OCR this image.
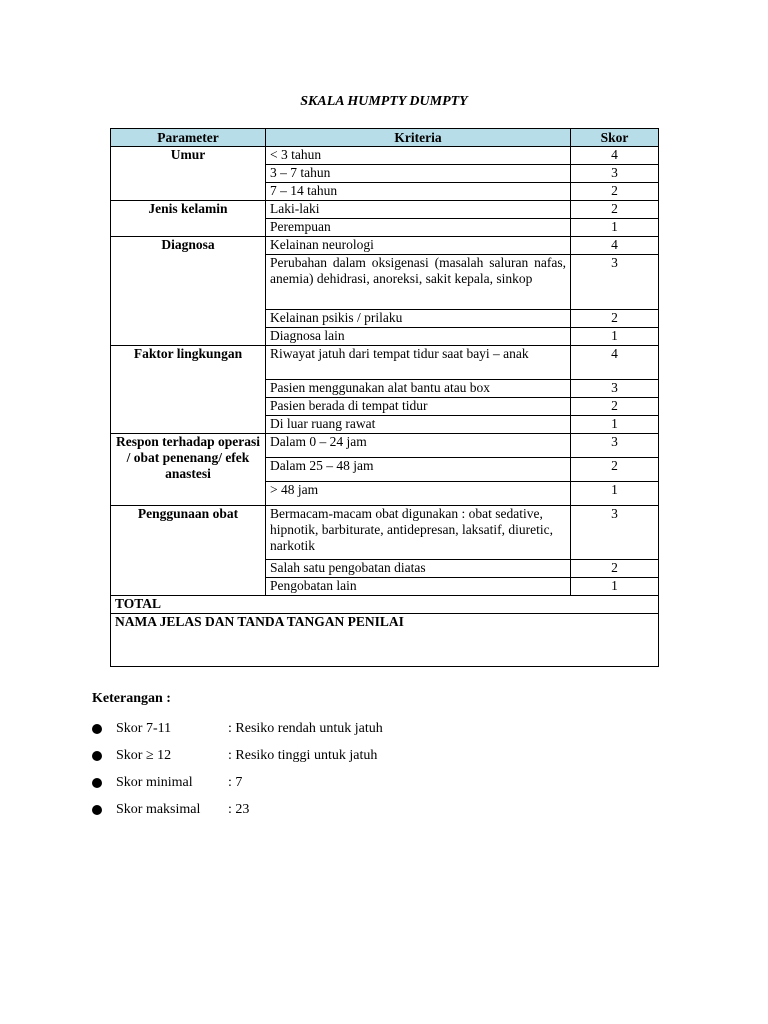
SKALA HUMPTY DUMPTY
Parameter	Kriteria	Skor
Umur	< 3 tahun	4
	3 – 7 tahun	3
	7 – 14 tahun	2
Jenis kelamin	Laki-laki	2
	Perempuan	1
Diagnosa	Kelainan neurologi	4
	Perubahan dalam oksigenasi (masalah saluran nafas, anemia) dehidrasi, anoreksi, sakit kepala, sinkop	3
	Kelainan psikis / prilaku	2
	Diagnosa lain	1
Faktor lingkungan	Riwayat jatuh dari tempat tidur saat bayi – anak	4
	Pasien menggunakan alat bantu atau box	3
	Pasien berada di tempat tidur	2
	Di luar ruang rawat	1
Respon terhadap operasi / obat penenang/ efek anastesi	Dalam 0 – 24 jam	3
	Dalam 25 – 48 jam	2
	> 48 jam	1
Penggunaan obat	Bermacam-macam obat digunakan : obat sedative, hipnotik, barbiturate, antidepresan, laksatif, diuretic, narkotik	3
	Salah satu pengobatan diatas	2
	Pengobatan lain	1
TOTAL		
NAMA JELAS DAN TANDA TANGAN PENILAI		
Keterangan :
Skor 7-11	: Resiko rendah untuk jatuh
Skor ≥ 12	: Resiko tinggi untuk jatuh
Skor minimal	: 7
Skor maksimal	: 23
